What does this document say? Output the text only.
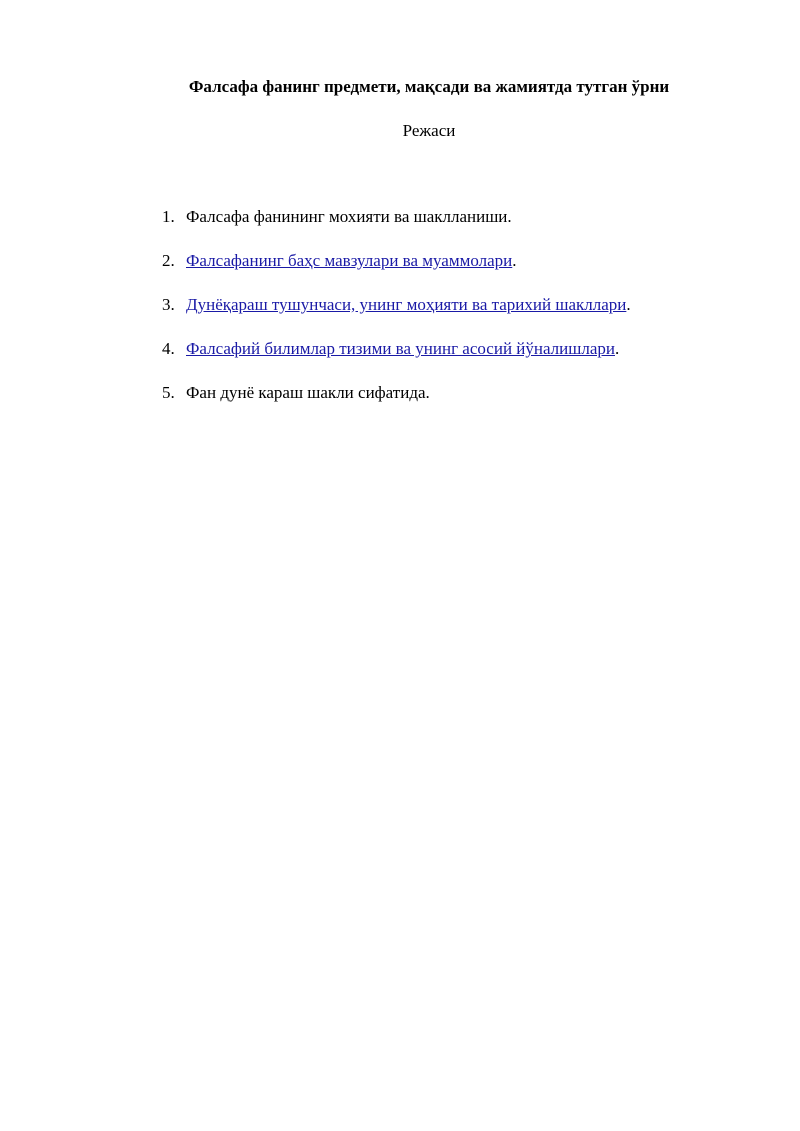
Фалсафа фанинг предмети, мақсади ва жамиятда тутган ўрни

Режаси

1. Фалсафа фанининг мохияти ва шаклланиши.
2. Фалсафанинг баҳс мавзулари ва муаммолари.
3. Дунёқараш тушунчаси, унинг моҳияти ва тарихий шакллари.
4. Фалсафий билимлар тизими ва унинг асосий йўналишлари.
5. Фан дунё караш шакли сифатида.
